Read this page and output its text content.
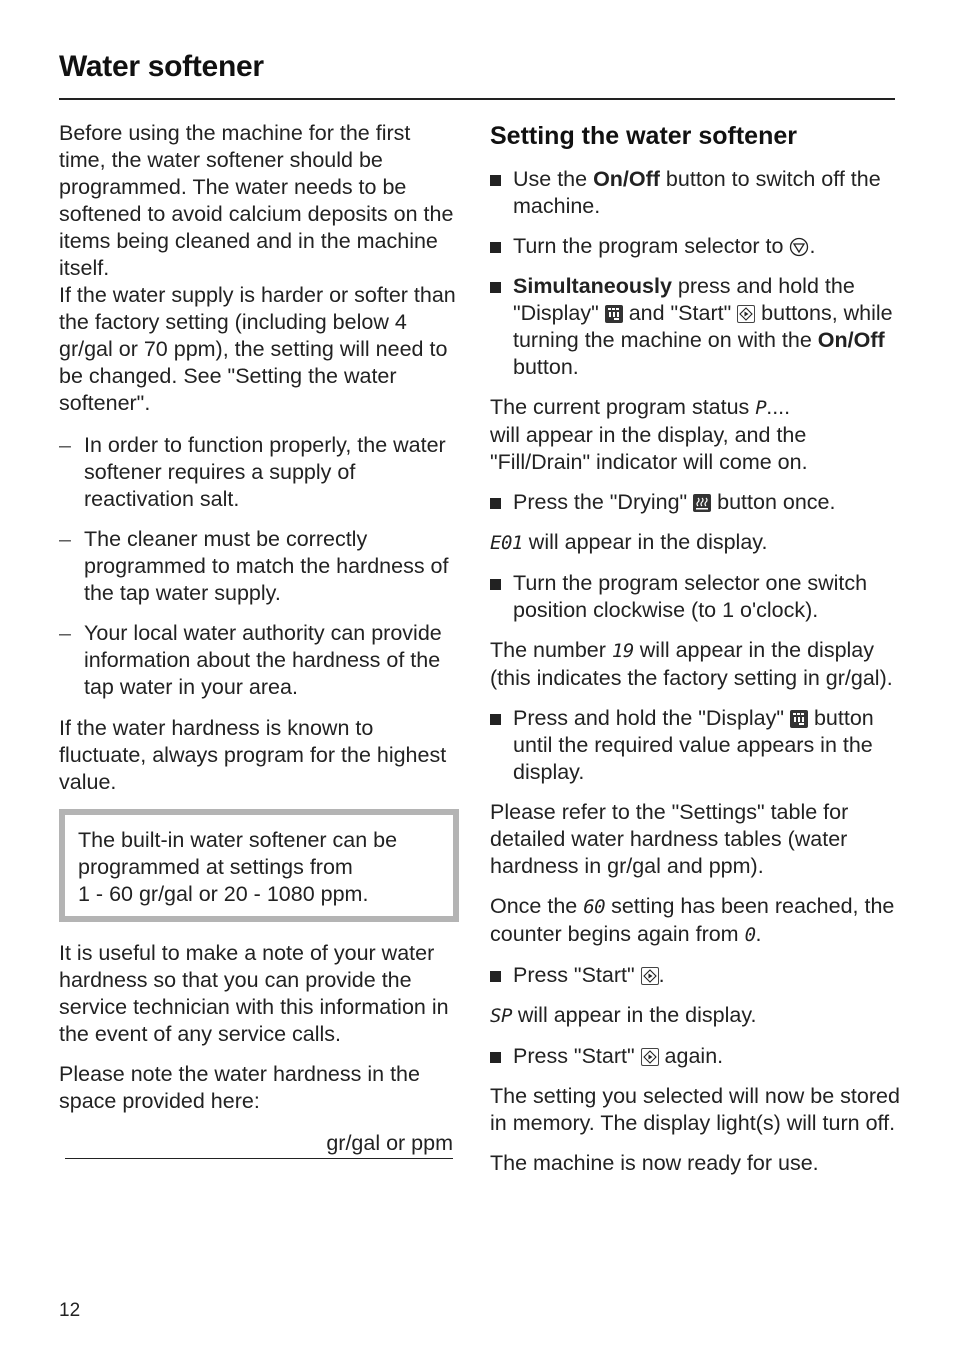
Water softener

Before using the machine for the first time, the water softener should be programmed. The water needs to be softened to avoid calcium deposits on the items being cleaned and in the machine itself.

If the water supply is harder or softer than the factory setting (including below 4 gr/gal or 70 ppm), the setting will need to be changed. See "Setting the water softener".

– In order to function properly, the water softener requires a supply of reactivation salt.
– The cleaner must be correctly programmed to match the hardness of the tap water supply.
– Your local water authority can provide information about the hardness of the tap water in your area.

If the water hardness is known to fluctuate, always program for the highest value.

The built-in water softener can be programmed at settings from

1 - 60 gr/gal or 20 - 1080 ppm.

It is useful to make a note of your water hardness so that you can provide the service technician with this information in the event of any service calls.

Please note the water hardness in the space provided here:

gr/gal or ppm
Setting the water softener
Use the On/Off button to switch off the machine.
Turn the program selector to .
Simultaneously press and hold the "Display"
and "Start"
buttons, while turning the machine on with the On/Off button.

The current program status P....
will appear in the display, and the "Fill/Drain" indicator will come on.

Press the "Drying"
button once.

E01 will appear in the display.

Turn the program selector one switch position clockwise (to 1 o'clock).

The number 19 will appear in the display (this indicates the factory setting in gr/gal).

Press and hold the "Display"
button until the required value appears in the display.

Please refer to the "Settings" table for detailed water hardness tables (water hardness in gr/gal and ppm).

Once the 60 setting has been reached, the counter begins again from 0.

Press "Start"
.

SP will appear in the display.

Press "Start"
again.

The setting you selected will now be stored in memory. The display light(s) will turn off.

The machine is now ready for use.

12
